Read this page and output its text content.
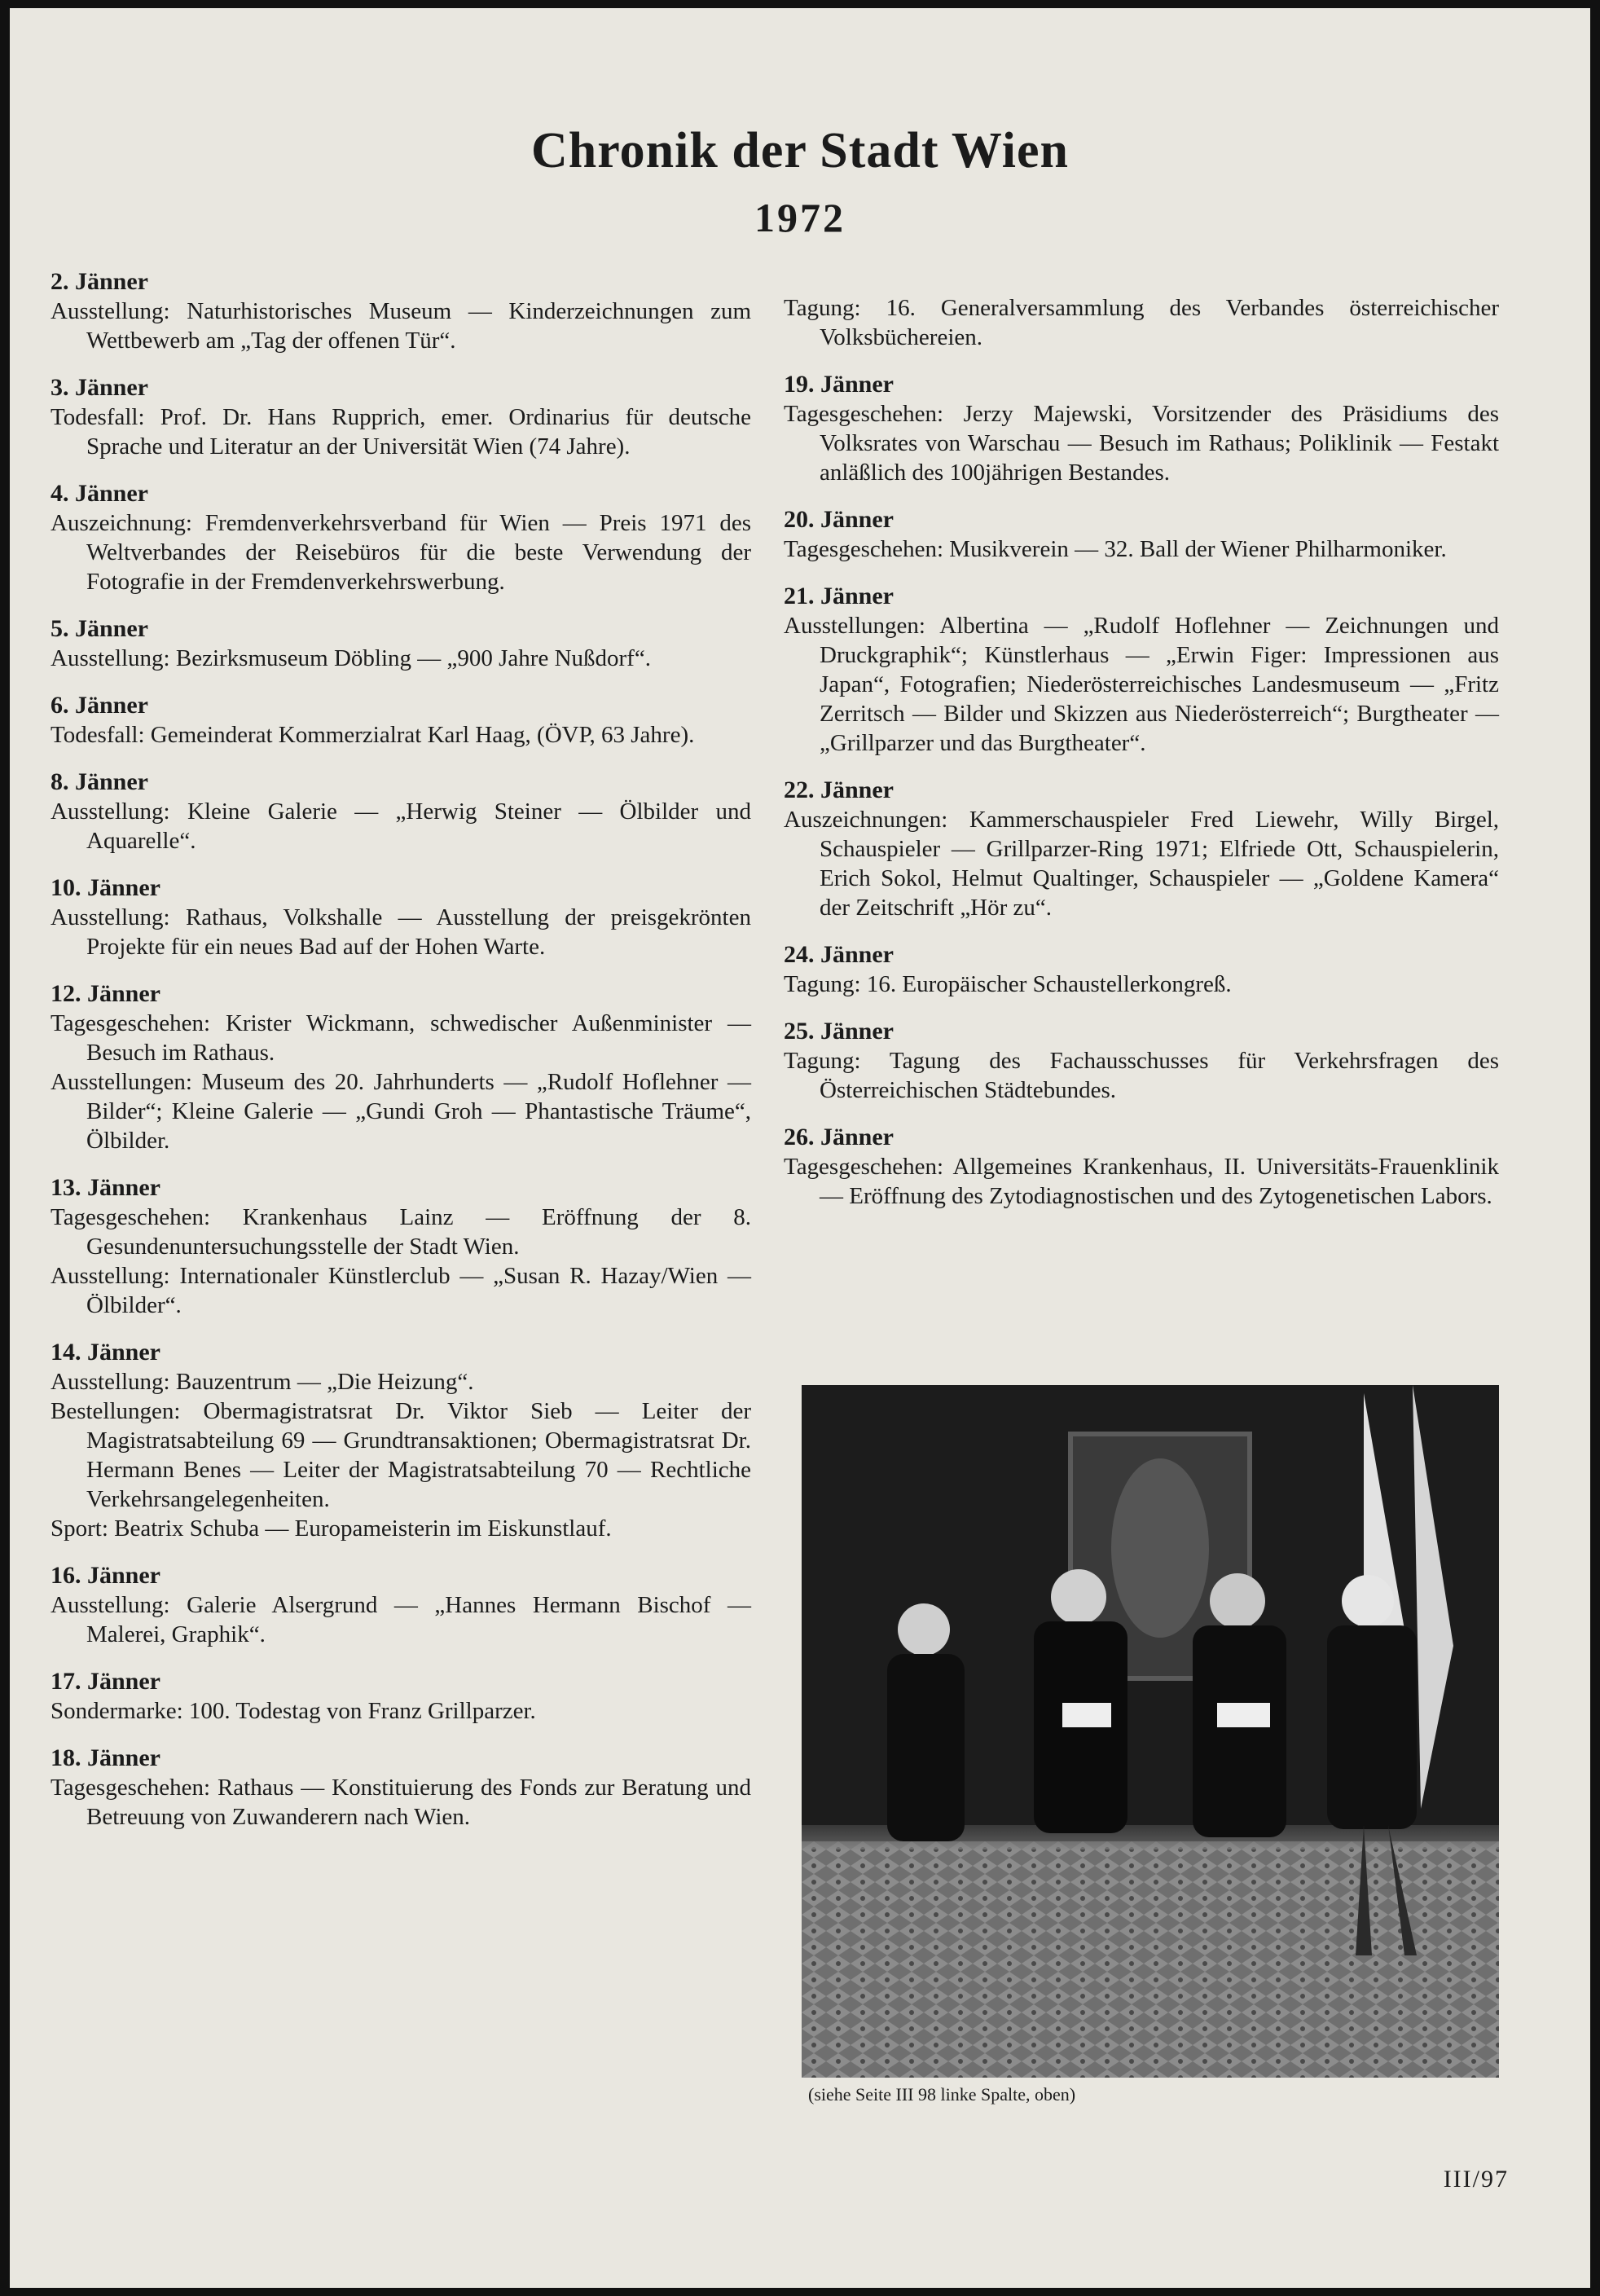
Chronik der Stadt Wien
1972
2. Jänner
Ausstellung: Naturhistorisches Museum — Kinderzeichnungen zum Wettbewerb am „Tag der offenen Tür“.
3. Jänner
Todesfall: Prof. Dr. Hans Rupprich, emer. Ordinarius für deutsche Sprache und Literatur an der Universität Wien (74 Jahre).
4. Jänner
Auszeichnung: Fremdenverkehrsverband für Wien — Preis 1971 des Weltverbandes der Reisebüros für die beste Verwendung der Fotografie in der Fremdenverkehrswerbung.
5. Jänner
Ausstellung: Bezirksmuseum Döbling — „900 Jahre Nußdorf“.
6. Jänner
Todesfall: Gemeinderat Kommerzialrat Karl Haag, (ÖVP, 63 Jahre).
8. Jänner
Ausstellung: Kleine Galerie — „Herwig Steiner — Ölbilder und Aquarelle“.
10. Jänner
Ausstellung: Rathaus, Volkshalle — Ausstellung der preisgekrönten Projekte für ein neues Bad auf der Hohen Warte.
12. Jänner
Tagesgeschehen: Krister Wickmann, schwedischer Außenminister — Besuch im Rathaus.
Ausstellungen: Museum des 20. Jahrhunderts — „Rudolf Hoflehner — Bilder“; Kleine Galerie — „Gundi Groh — Phantastische Träume“, Ölbilder.
13. Jänner
Tagesgeschehen: Krankenhaus Lainz — Eröffnung der 8. Gesundenuntersuchungsstelle der Stadt Wien.
Ausstellung: Internationaler Künstlerclub — „Susan R. Hazay/Wien — Ölbilder“.
14. Jänner
Ausstellung: Bauzentrum — „Die Heizung“.
Bestellungen: Obermagistratsrat Dr. Viktor Sieb — Leiter der Magistratsabteilung 69 — Grundtransaktionen; Obermagistratsrat Dr. Hermann Benes — Leiter der Magistratsabteilung 70 — Rechtliche Verkehrsangelegenheiten.
Sport: Beatrix Schuba — Europameisterin im Eiskunstlauf.
16. Jänner
Ausstellung: Galerie Alsergrund — „Hannes Hermann Bischof — Malerei, Graphik“.
17. Jänner
Sondermarke: 100. Todestag von Franz Grillparzer.
18. Jänner
Tagesgeschehen: Rathaus — Konstituierung des Fonds zur Beratung und Betreuung von Zuwanderern nach Wien.
Tagung: 16. Generalversammlung des Verbandes österreichischer Volksbüchereien.
19. Jänner
Tagesgeschehen: Jerzy Majewski, Vorsitzender des Präsidiums des Volksrates von Warschau — Besuch im Rathaus; Poliklinik — Festakt anläßlich des 100jährigen Bestandes.
20. Jänner
Tagesgeschehen: Musikverein — 32. Ball der Wiener Philharmoniker.
21. Jänner
Ausstellungen: Albertina — „Rudolf Hoflehner — Zeichnungen und Druckgraphik“; Künstlerhaus — „Erwin Figer: Impressionen aus Japan“, Fotografien; Niederösterreichisches Landesmuseum — „Fritz Zerritsch — Bilder und Skizzen aus Niederösterreich“; Burgtheater — „Grillparzer und das Burgtheater“.
22. Jänner
Auszeichnungen: Kammerschauspieler Fred Liewehr, Willy Birgel, Schauspieler — Grillparzer-Ring 1971; Elfriede Ott, Schauspielerin, Erich Sokol, Helmut Qualtinger, Schauspieler — „Goldene Kamera“ der Zeitschrift „Hör zu“.
24. Jänner
Tagung: 16. Europäischer Schaustellerkongreß.
25. Jänner
Tagung: Tagung des Fachausschusses für Verkehrsfragen des Österreichischen Städtebundes.
26. Jänner
Tagesgeschehen: Allgemeines Krankenhaus, II. Universitäts-Frauenklinik — Eröffnung des Zytodiagnostischen und des Zytogenetischen Labors.
(siehe Seite III 98 linke Spalte, oben)
III/97
